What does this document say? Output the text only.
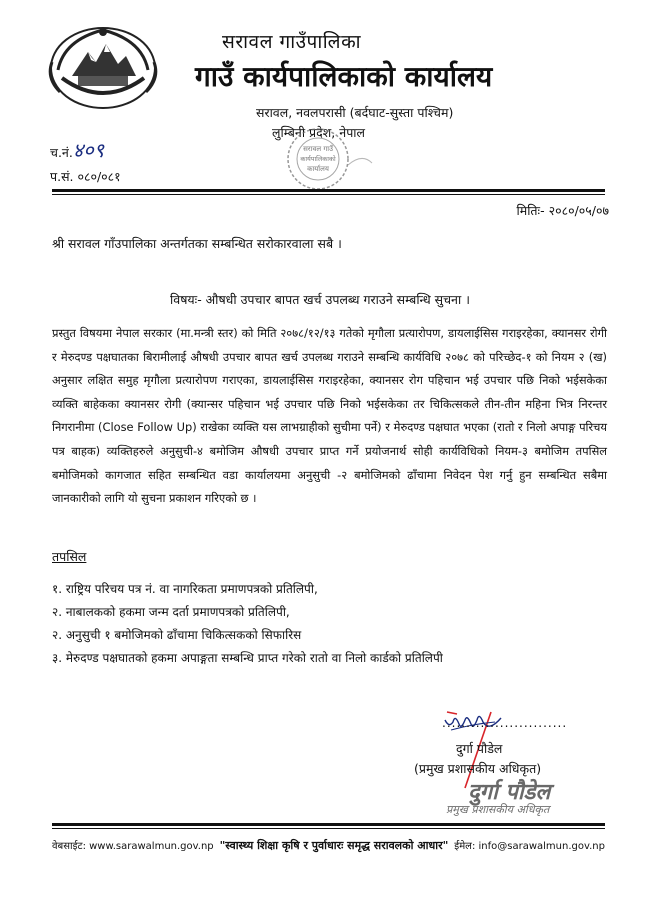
सरावल गाउँपालिका
गाउँ कार्यपालिकाको कार्यालय
सरावल, नवलपरासी (बर्दघाट-सुस्ता पश्चिम)
लुम्बिनी प्रदेश, नेपाल
सरावल गाउँ
कार्यपालिकाको
कार्यालय
च.नं.४०९
प.सं. ०८०/०८१
मितिः- २०८०/०५/०७
श्री सरावल गाँउपालिका अन्तर्गतका सम्बन्धित सरोकारवाला सबै ।
विषयः- औषधी उपचार बापत खर्च उपलब्ध गराउने सम्बन्धि सुचना ।
प्रस्तुत विषयमा नेपाल सरकार (मा.मन्त्री स्तर) को मिति २०७८/१२/१३ गतेको मृगौला प्रत्यारोपण, डायलाईसिस गराइरहेका, क्यानसर रोगी र मेरुदण्ड पक्षघातका बिरामीलाई औषधी उपचार बापत खर्च उपलब्ध गराउने सम्बन्धि कार्यविधि २०७८ को परिच्छेद-१ को नियम २ (ख) अनुसार लक्षित समुह मृगौला प्रत्यारोपण गराएका, डायलाईसिस गराइरहेका, क्यानसर रोग पहिचान भई उपचार पछि निको भईसकेका व्यक्ति बाहेकका क्यानसर रोगी (क्यान्सर पहिचान भई उपचार पछि निको भईसकेका तर चिकित्सकले तीन-तीन महिना भित्र निरन्तर निगरानीमा (Close Follow Up) राखेका व्यक्ति यस लाभग्राहीको सुचीमा पर्ने) र मेरुदण्ड पक्षघात भएका (रातो र निलो अपाङ्ग परिचय पत्र बाहक) व्यक्तिहरुले अनुसुची-४ बमोजिम औषधी उपचार प्राप्त गर्ने प्रयोजनार्थ सोही कार्यविधिको नियम-३ बमोजिम तपसिल बमोजिमको कागजात सहित सम्बन्धित वडा कार्यालयमा अनुसुची -२ बमोजिमको ढाँचामा निवेदन पेश गर्नु हुन सम्बन्धित सबैमा जानकारीको लागि यो सुचना प्रकाशन गरिएको छ ।
तपसिल
१. राष्ट्रिय परिचय पत्र नं. वा नागरिकता प्रमाणपत्रको प्रतिलिपी,
२. नाबालकको हकमा जन्म दर्ता प्रमाणपत्रको प्रतिलिपी,
२. अनुसुची १ बमोजिमको ढाँचामा चिकित्सकको सिफारिस
३. मेरुदण्ड पक्षघातको हकमा अपाङ्गता सम्बन्धि प्राप्त गरेको रातो वा निलो कार्डको प्रतिलिपी
..........................
दुर्गा पौडेल
(प्रमुख प्रशासकीय अधिकृत)
दुर्गा पौडेल
प्रमुख प्रशासकीय अधिकृत
वेबसाईट: www.sarawalmun.gov.np "स्वास्थ्य शिक्षा कृषि र पुर्वाधारः समृद्ध सरावलको आधार" ईमेल: info@sarawalmun.gov.np
